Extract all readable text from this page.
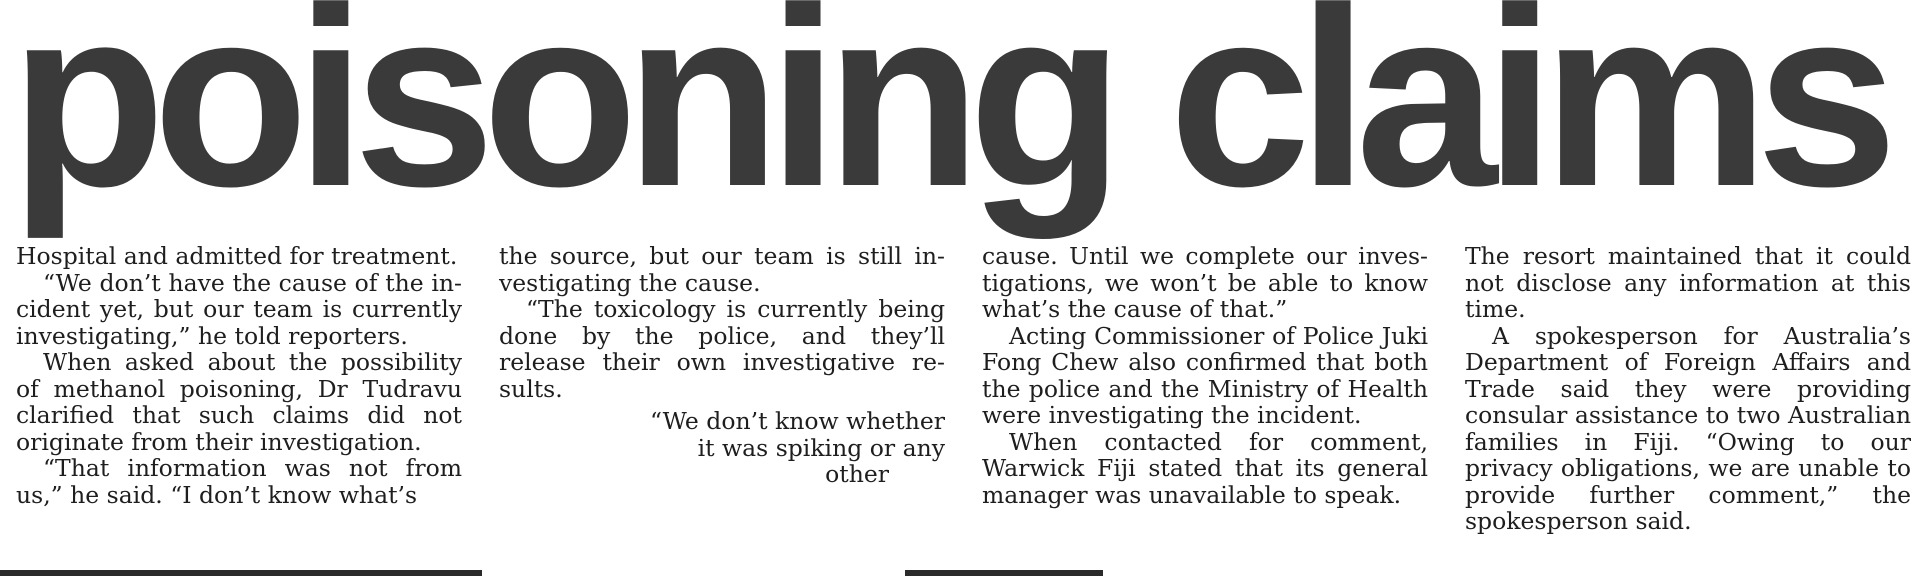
poisoning claims

Hospital and admitted for treatment.

“We don’t have the cause of the incident yet, but our team is currently investigating,” he told reporters.

When asked about the possibility of methanol poisoning, Dr Tudravu clarified that such claims did not originate from their investigation.

“That information was not from us,” he said. “I don’t know what’s

the source, but our team is still investigating the cause.

“The toxicology is currently being done by the police, and they’ll release their own investigative results.

“We don’t know whether
it was spiking or any
other

cause. Until we complete our investigations, we won’t be able to know what’s the cause of that.”

Acting Commissioner of Police Juki Fong Chew also confirmed that both the police and the Ministry of Health were investigating the incident.

When contacted for comment, Warwick Fiji stated that its general manager was unavailable to speak.

The resort maintained that it could not disclose any information at this time.

A spokesperson for Australia’s Department of Foreign Affairs and Trade said they were providing consular assistance to two Australian families in Fiji. “Owing to our privacy obligations, we are unable to provide further comment,” the spokesperson said.
